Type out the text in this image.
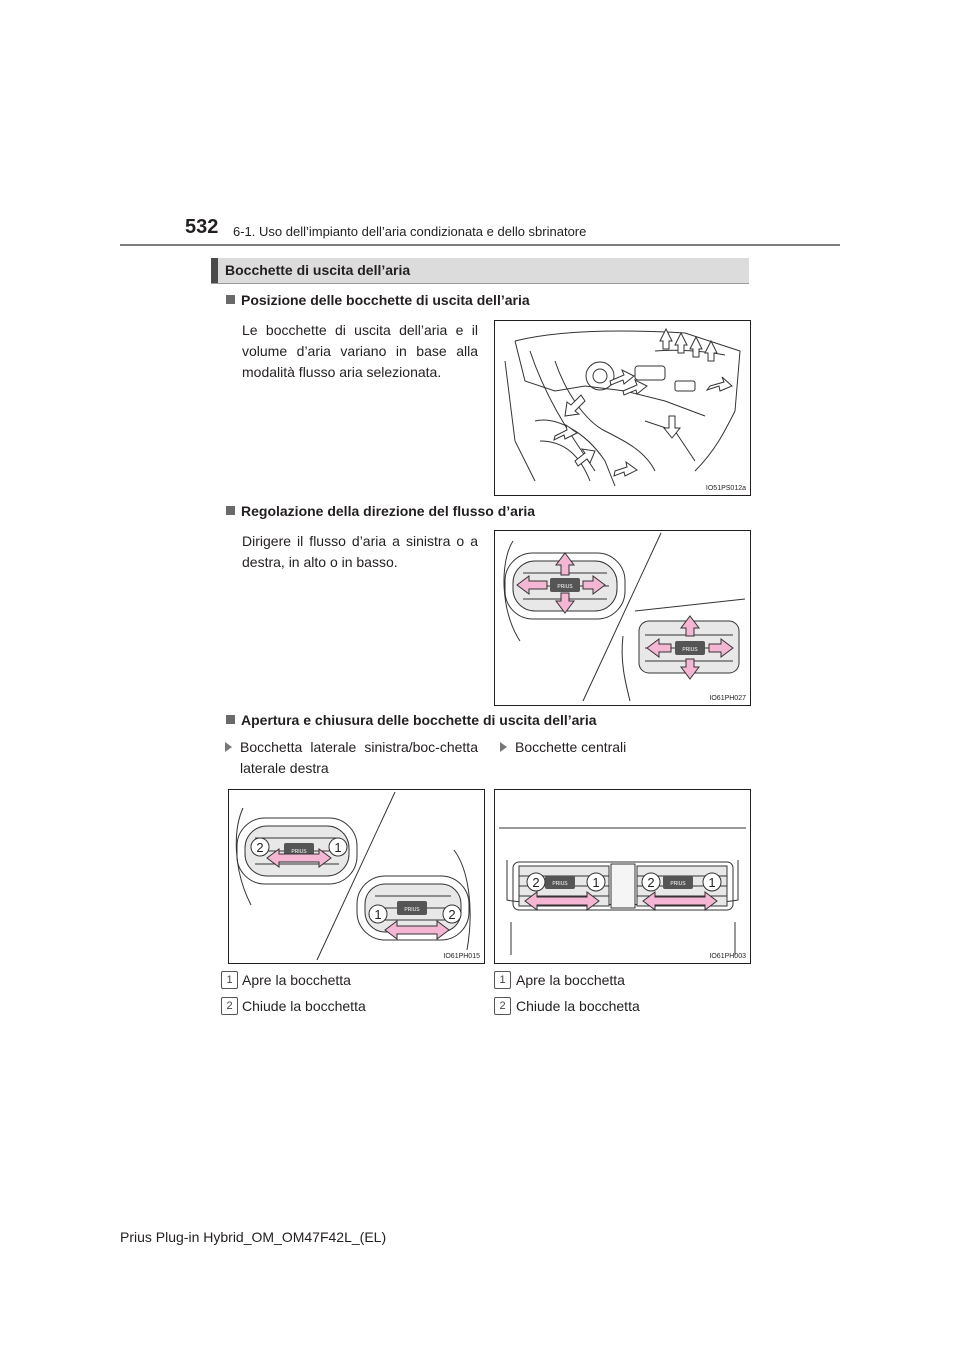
532 6-1. Uso dell’impianto dell’aria condizionata e dello sbrinatore
Bocchette di uscita dell’aria
Posizione delle bocchette di uscita dell’aria
Le bocchette di uscita dell’aria e il volume d’aria variano in base alla modalità flusso aria selezionata.
IO51PS012a
Regolazione della direzione del flusso d’aria
Dirigere il flusso d’aria a sinistra o a destra, in alto o in basso.
PRIUS
PRIUS
IO61PH027
Apertura e chiusura delle bocchette di uscita dell’aria
Bocchetta laterale sinistra/boc-chetta laterale destra
Bocchette centrali
PRIUS
PRIUS
2	1
1	2
IO61PH015
PRIUS	PRIUS
2	1	2	1
IO61PH003
1 Apre la bocchetta
2 Chiude la bocchetta
1 Apre la bocchetta
2 Chiude la bocchetta
Prius Plug-in Hybrid_OM_OM47F42L_(EL)
